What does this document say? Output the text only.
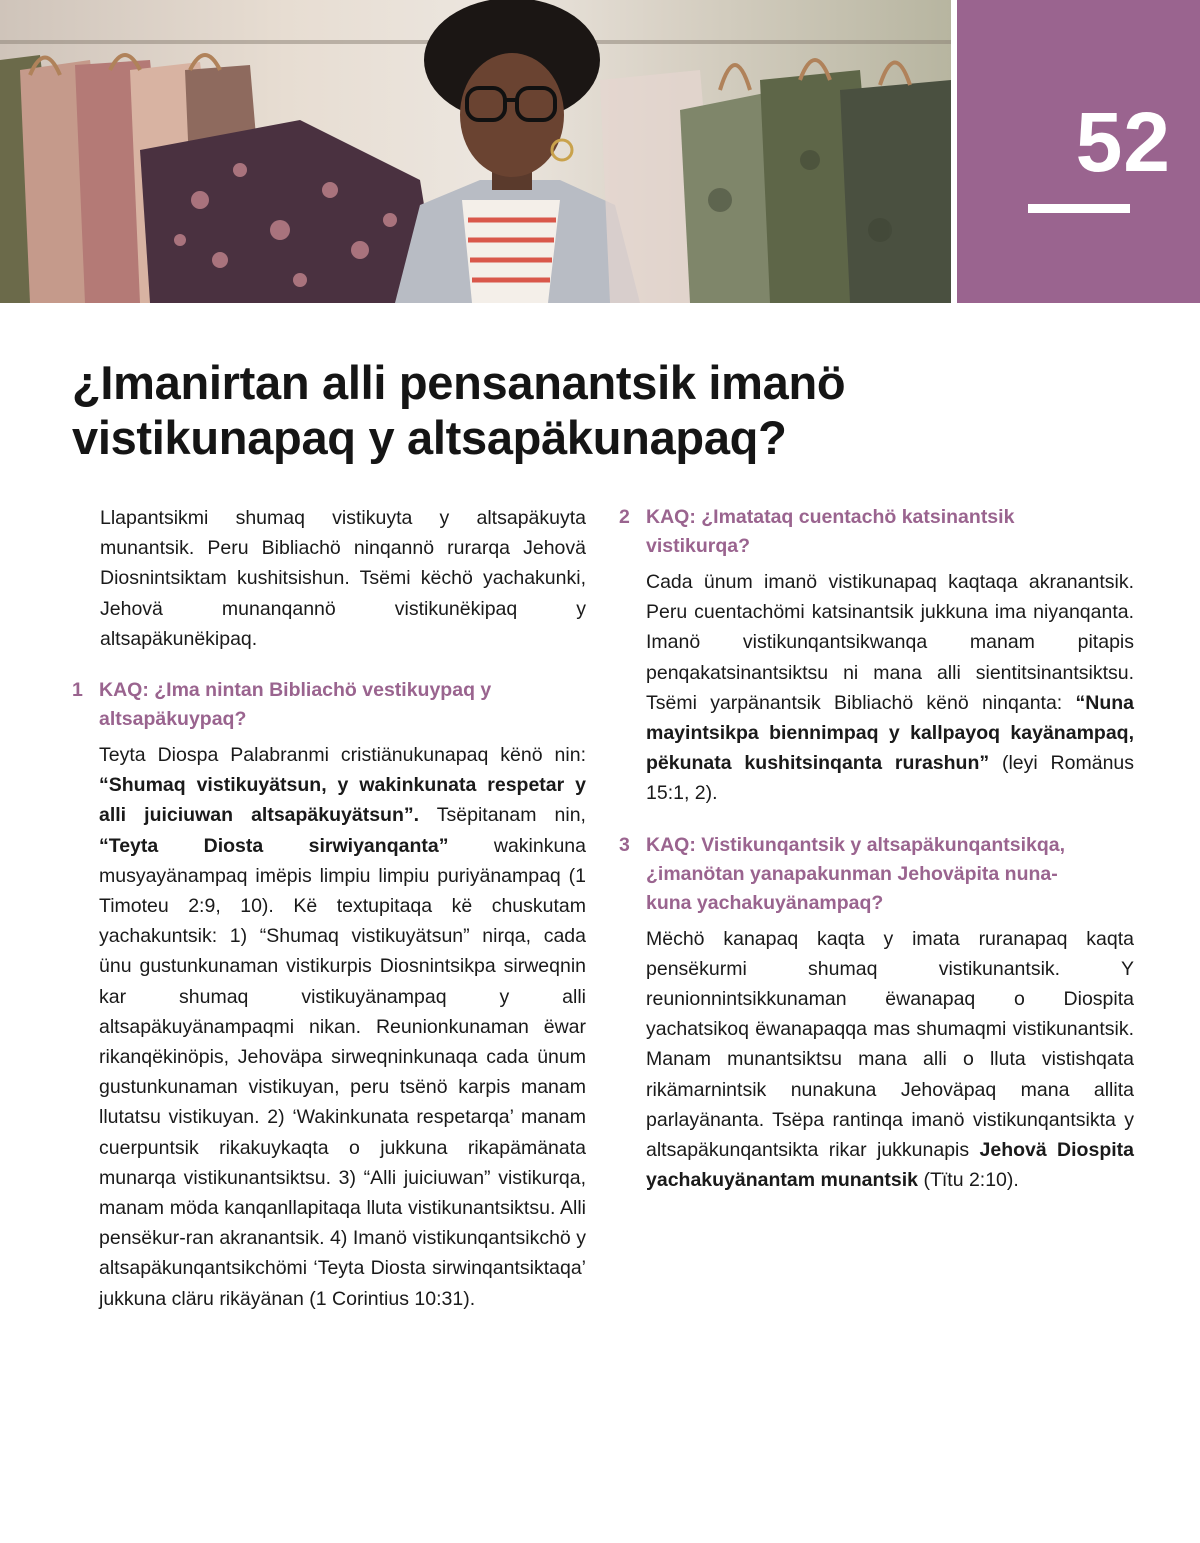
52
¿Imanirtan alli pensanantsik imanö
vistikunapaq y altsapäkunapaq?

Llapantsikmi shumaq vistikuyta y altsapäkuyta munantsik. Peru Bibliachö ninqannö rurarqa Jehovä Diosnintsiktam kushitsishun. Tsëmi këchö yachakunki, Jehovä munanqannö vistikunëkipaq y altsapäkunëkipaq.

1 KAQ: ¿Ima nintan Bibliachö vestikuypaq y
altsapäkuypaq?

Teyta Diospa Palabranmi cristiänukunapaq kënö nin: “Shumaq vistikuyätsun, y wakinkunata respetar y alli juiciuwan altsapäkuyätsun”. Tsëpitanam nin, “Teyta Diosta sirwiyanqanta” wakinkuna musyayänampaq imëpis limpiu limpiu puriyänampaq (1 Timoteu 2:9, 10). Kë textupitaqa kë chuskutam yachakuntsik: 1) “Shumaq vistikuyätsun” nirqa, cada ünu gustunkunaman vistikurpis Diosnintsikpa sirweqnin kar shumaq vistikuyänampaq y alli altsapäkuyänampaqmi nikan. Reunionkunaman ëwar rikanqëkinöpis, Jehoväpa sirweqninkunaqa cada ünum gustunkunaman vistikuyan, peru tsënö karpis manam llutatsu vistikuyan. 2) ‘Wakinkunata respetarqa’ manam cuerpuntsik rikakuykaqta o jukkuna rikapämänata munarqa vistikunantsiktsu. 3) “Alli juiciuwan” vistikurqa, manam möda kanqanllapitaqa lluta vistikunantsiktsu. Alli pensëkur-ran akranantsik. 4) Imanö vistikunqantsikchö y altsapäkunqantsikchömi ‘Teyta Diosta sirwinqantsiktaqa’ jukkuna cläru rikäyänan (1 Corintius 10:31).

2 KAQ: ¿Imatataq cuentachö katsinantsik
vistikurqa?

Cada ünum imanö vistikunapaq kaqtaqa akranantsik. Peru cuentachömi katsinantsik jukkuna ima niyanqanta. Imanö vistikunqantsikwanqa manam pitapis penqakatsinantsiktsu ni mana alli sientitsinantsiktsu. Tsëmi yarpänantsik Bibliachö kënö ninqanta: “Nuna mayintsikpa biennimpaq y kallpayoq kayänampaq, pëkunata kushitsinqanta rurashun” (leyi Romänus 15:1, 2).

3 KAQ: Vistikunqantsik y altsapäkunqantsikqa,
¿imanötan yanapakunman Jehoväpita nuna-
kuna yachakuyänampaq?

Mëchö kanapaq kaqta y imata ruranapaq kaqta pensëkurmi shumaq vistikunantsik. Y reunionnintsikkunaman ëwanapaq o Diospita yachatsikoq ëwanapaqqa mas shumaqmi vistikunantsik. Manam munantsiktsu mana alli o lluta vistishqata rikämarnintsik nunakuna Jehoväpaq mana allita parlayänanta. Tsëpa rantinqa imanö vistikunqantsikta y altsapäkunqantsikta rikar jukkunapis Jehovä Diospita yachakuyänantam munantsik (Tïtu 2:10).
